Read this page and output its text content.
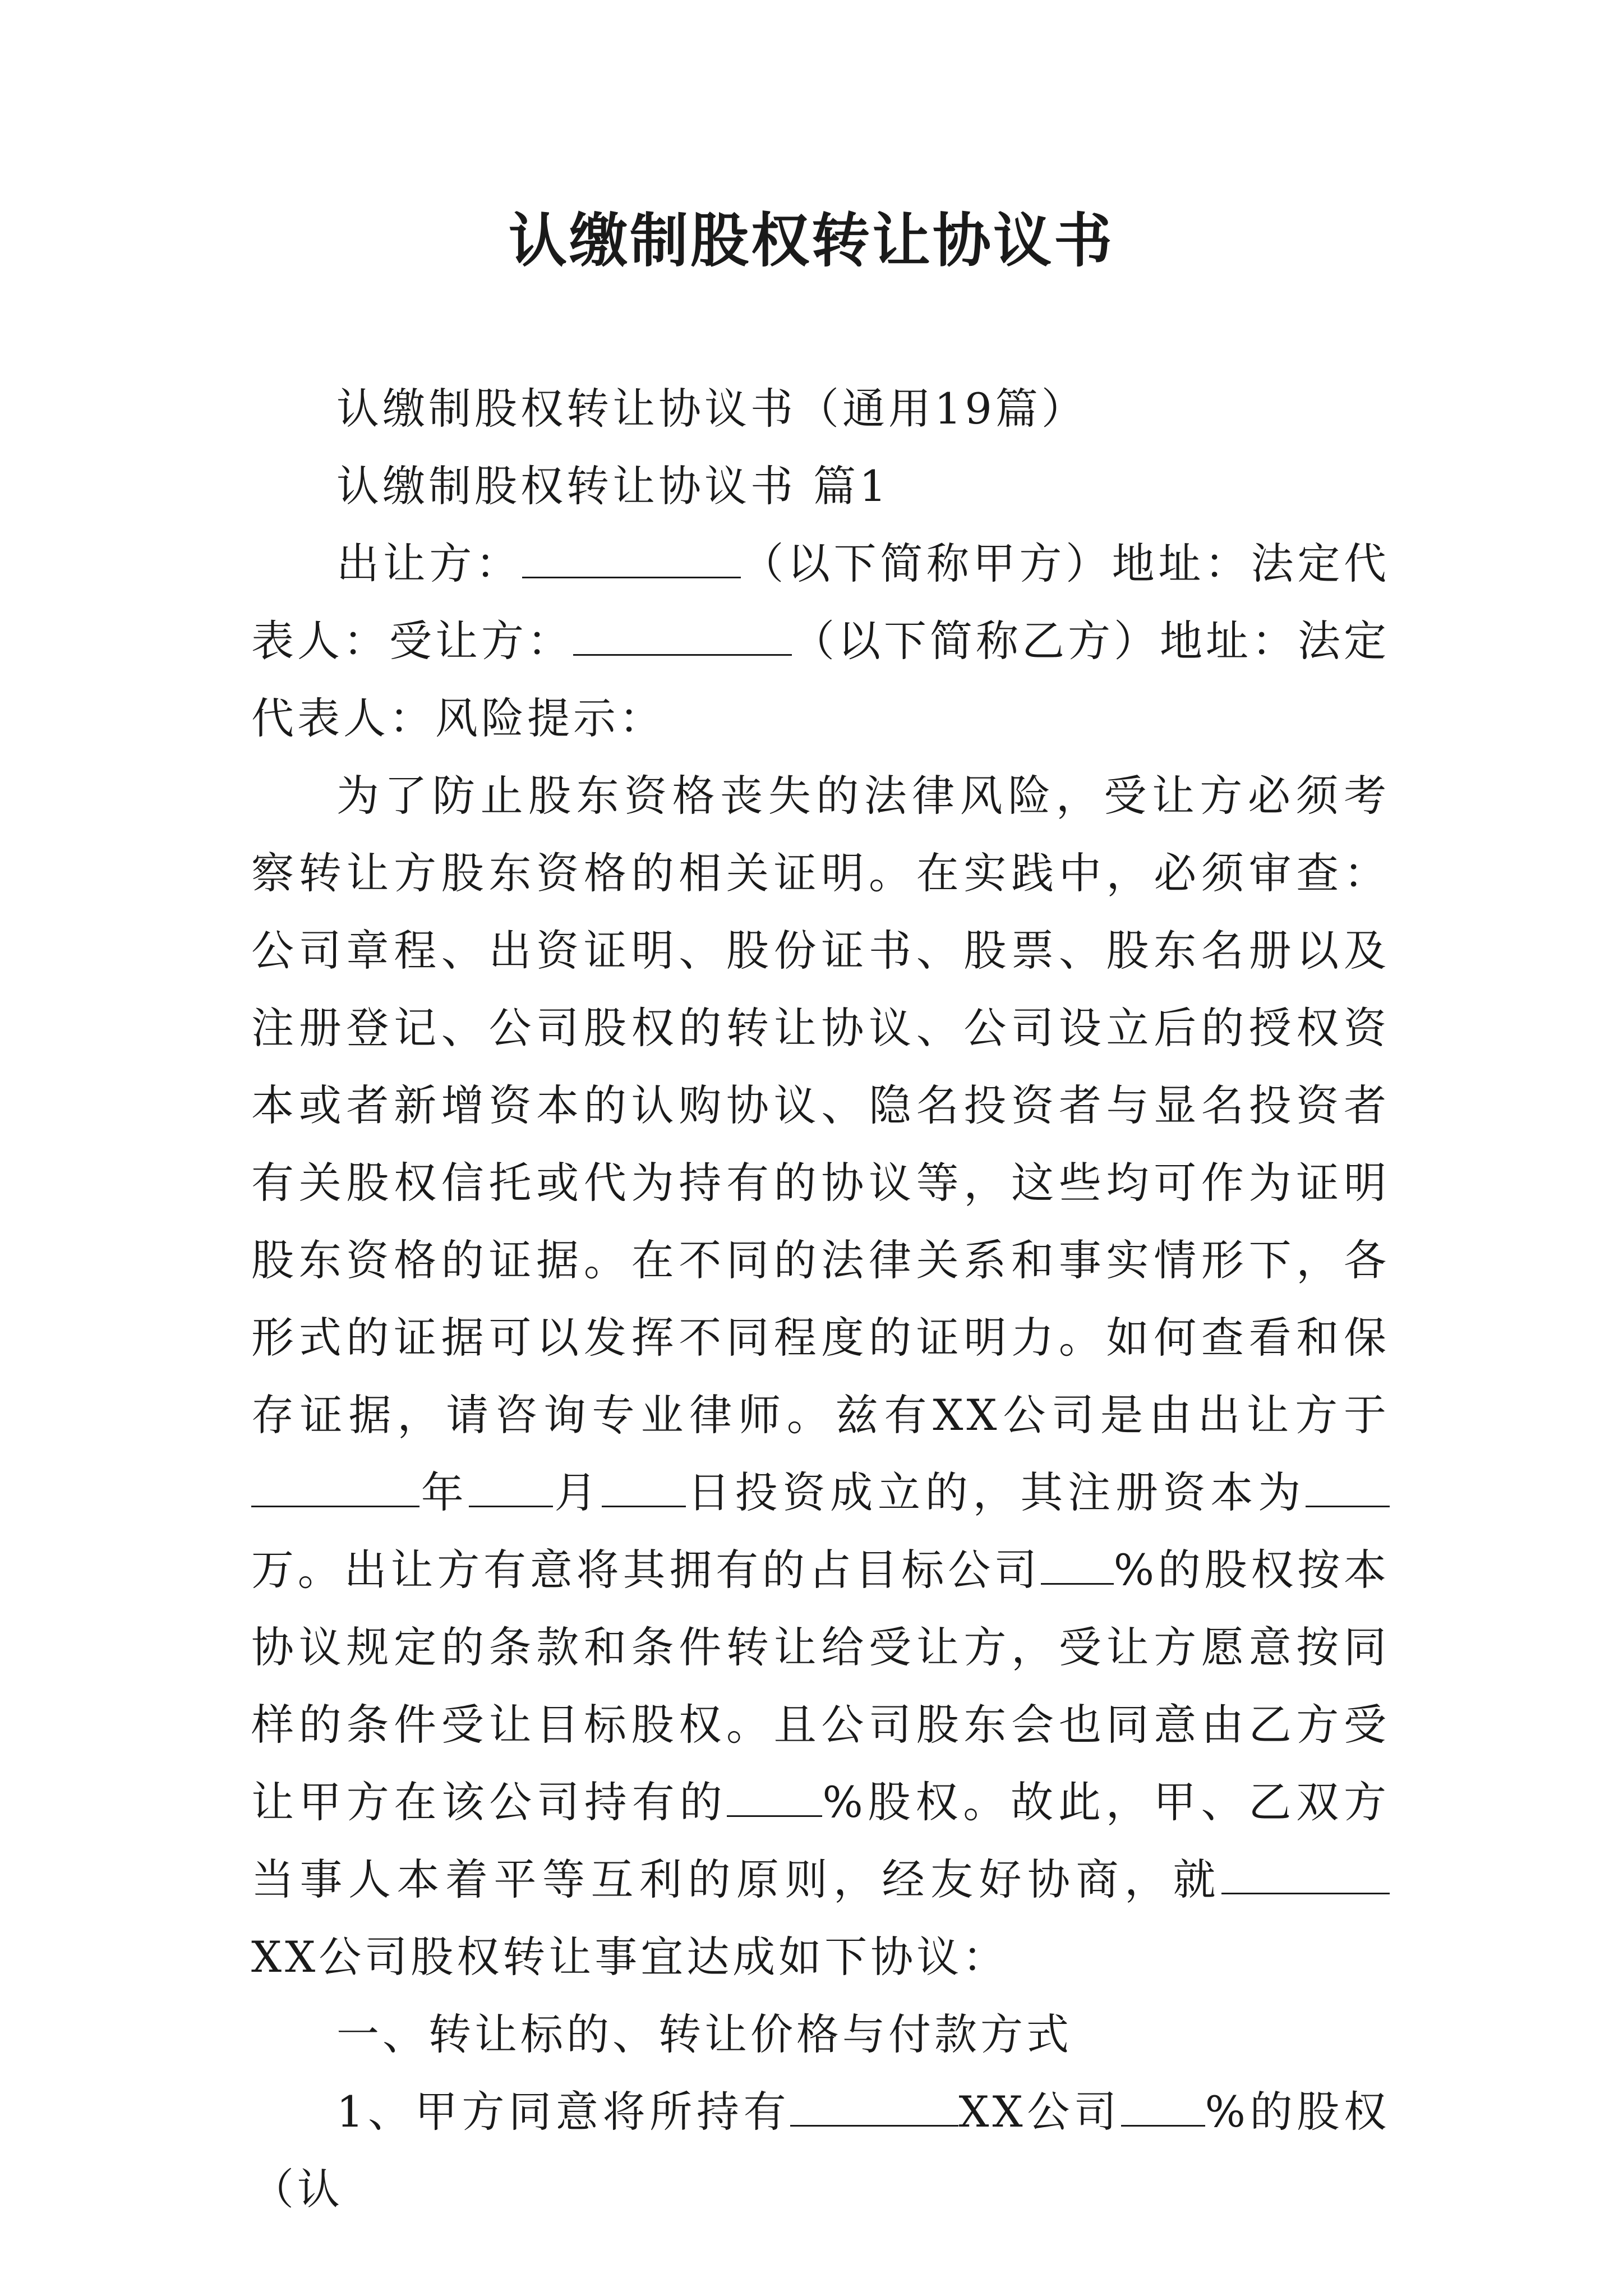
认缴制股权转让协议书

认缴制股权转让协议书（通用19篇）

认缴制股权转让协议书 篇1

出让方：	（以下简称甲方）地址：法定代表人：受让方：	（以下简称乙方）地址：法定代表人：风险提示：

为了防止股东资格丧失的法律风险，受让方必须考察转让方股东资格的相关证明。在实践中，必须审查：公司章程、出资证明、股份证书、股票、股东名册以及注册登记、公司股权的转让协议、公司设立后的授权资本或者新增资本的认购协议、隐名投资者与显名投资者有关股权信托或代为持有的协议等，这些均可作为证明股东资格的证据。在不同的法律关系和事实情形下，各形式的证据可以发挥不同程度的证明力。如何查看和保存证据，请咨询专业律师。兹有XX公司是由出让方于年 月 日投资成立的，其注册资本为万。出让方有意将其拥有的占目标公司 %的股权按本协议规定的条款和条件转让给受让方，受让方愿意按同样的条件受让目标股权。且公司股东会也同意由乙方受让甲方在该公司持有的 %股权。故此，甲、乙双方当事人本着平等互利的原则，经友好协商，就XX公司股权转让事宜达成如下协议：

一、转让标的、转让价格与付款方式

1、甲方同意将所持有	XX公司 %的股权（认
